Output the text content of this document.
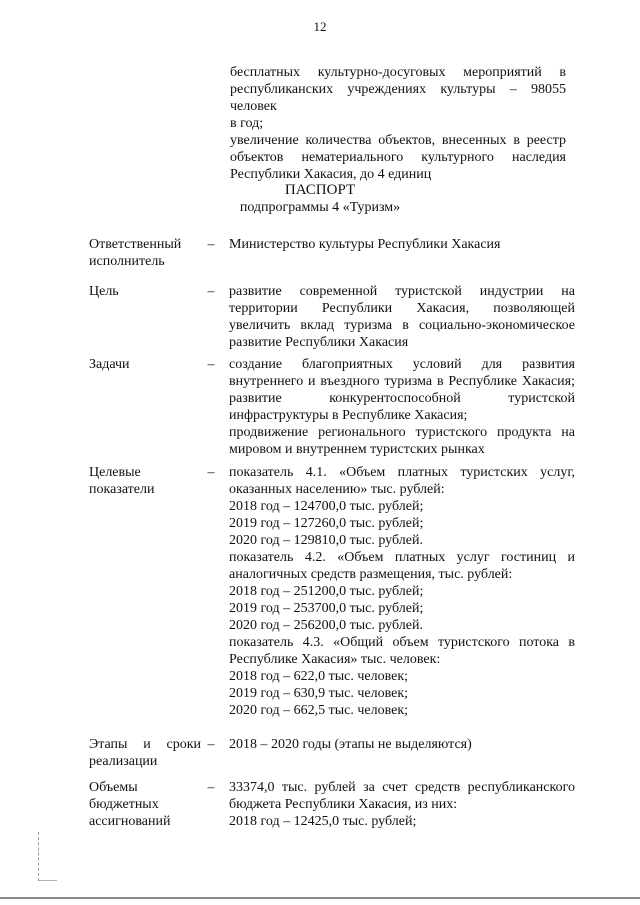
12
бесплатных культурно-досуговых мероприятий в
республиканских учреждениях культуры – 98055 человек
в год;
увеличение количества объектов, внесенных в реестр
объектов нематериального культурного наследия
Республики Хакасия, до 4 единиц
ПАСПОРТ
подпрограммы 4 «Туризм»
Ответственный
исполнитель
– Министерство культуры Республики Хакасия
Цель	– развитие современной туристской индустрии на
территории Республики Хакасия, позволяющей
увеличить вклад туризма в социально-экономическое
развитие Республики Хакасия
Задачи	– создание благоприятных условий для развития
внутреннего и въездного туризма в Республике Хакасия;
развитие конкурентоспособной туристской
инфраструктуры в Республике Хакасия;
продвижение регионального туристского продукта на
мировом и внутреннем туристских рынках
Целевые
показатели
– показатель 4.1. «Объем платных туристских услуг,
оказанных населению» тыс. рублей:
2018 год – 124700,0 тыс. рублей;
2019 год – 127260,0 тыс. рублей;
2020 год – 129810,0 тыс. рублей.
показатель 4.2. «Объем платных услуг гостиниц и
аналогичных средств размещения, тыс. рублей:
2018 год – 251200,0 тыс. рублей;
2019 год – 253700,0 тыс. рублей;
2020 год – 256200,0 тыс. рублей.
показатель 4.3. «Общий объем туристского потока в
Республике Хакасия» тыс. человек:
2018 год – 622,0 тыс. человек;
2019 год – 630,9 тыс. человек;
2020 год – 662,5 тыс. человек;
Этапы и сроки
реализации
– 2018 – 2020 годы (этапы не выделяются)
Объемы
бюджетных
ассигнований
– 33374,0 тыс. рублей за счет средств республиканского
бюджета Республики Хакасия, из них:
2018 год – 12425,0 тыс. рублей;
